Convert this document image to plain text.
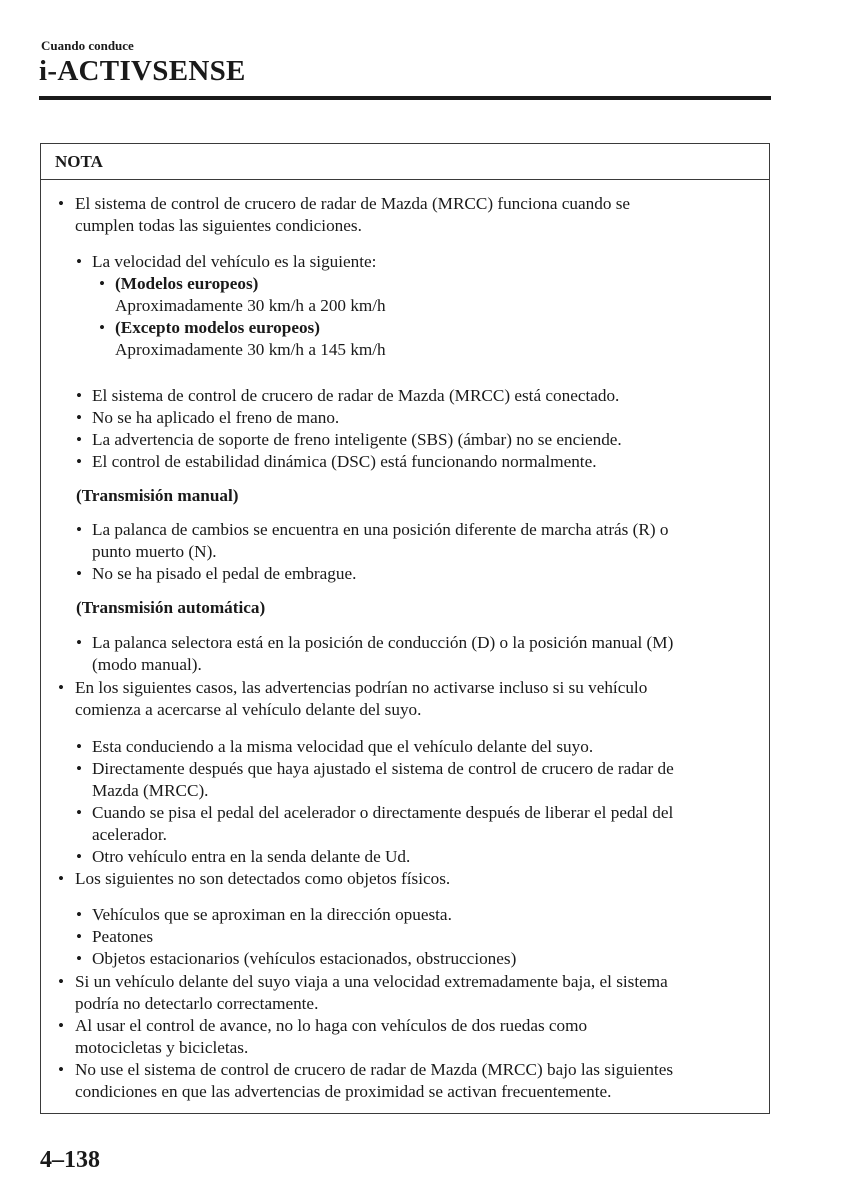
Cuando conduce
i-ACTIVSENSE
NOTA
• El sistema de control de crucero de radar de Mazda (MRCC) funciona cuando se
cumplen todas las siguientes condiciones.
• La velocidad del vehículo es la siguiente:
• (Modelos europeos)
Aproximadamente 30 km/h a 200 km/h
• (Excepto modelos europeos)
Aproximadamente 30 km/h a 145 km/h
• El sistema de control de crucero de radar de Mazda (MRCC) está conectado.
• No se ha aplicado el freno de mano.
• La advertencia de soporte de freno inteligente (SBS) (ámbar) no se enciende.
• El control de estabilidad dinámica (DSC) está funcionando normalmente.
(Transmisión manual)
• La palanca de cambios se encuentra en una posición diferente de marcha atrás (R) o
punto muerto (N).
• No se ha pisado el pedal de embrague.
(Transmisión automática)
• La palanca selectora está en la posición de conducción (D) o la posición manual (M)
(modo manual).
• En los siguientes casos, las advertencias podrían no activarse incluso si su vehículo
comienza a acercarse al vehículo delante del suyo.
• Esta conduciendo a la misma velocidad que el vehículo delante del suyo.
• Directamente después que haya ajustado el sistema de control de crucero de radar de
Mazda (MRCC).
• Cuando se pisa el pedal del acelerador o directamente después de liberar el pedal del
acelerador.
• Otro vehículo entra en la senda delante de Ud.
• Los siguientes no son detectados como objetos físicos.
• Vehículos que se aproximan en la dirección opuesta.
• Peatones
• Objetos estacionarios (vehículos estacionados, obstrucciones)
• Si un vehículo delante del suyo viaja a una velocidad extremadamente baja, el sistema
podría no detectarlo correctamente.
• Al usar el control de avance, no lo haga con vehículos de dos ruedas como
motocicletas y bicicletas.
• No use el sistema de control de crucero de radar de Mazda (MRCC) bajo las siguientes
condiciones en que las advertencias de proximidad se activan frecuentemente.
4–138
